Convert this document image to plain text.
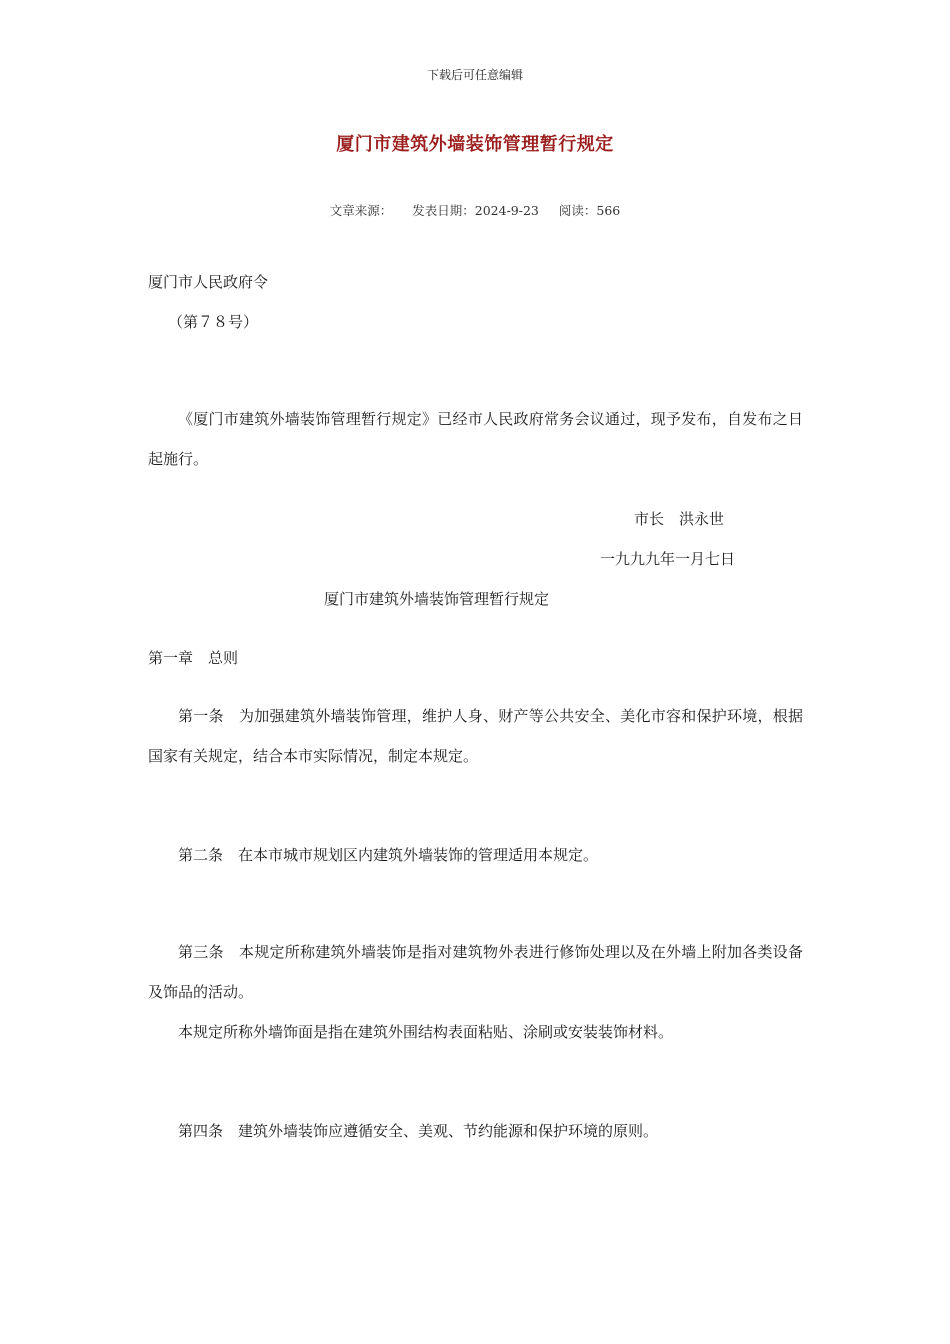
下载后可任意编辑
厦门市建筑外墙装饰管理暂行规定
文章来源： 发表日期：2024-9-23 阅读：566
厦门市人民政府令
（第７８号）
《厦门市建筑外墙装饰管理暂行规定》已经市人民政府常务会议通过，现予发布，自发布之日起施行。
市长　洪永世
一九九九年一月七日
厦门市建筑外墙装饰管理暂行规定
第一章　总则
第一条　为加强建筑外墙装饰管理，维护人身、财产等公共安全、美化市容和保护环境，根据国家有关规定，结合本市实际情况，制定本规定。
第二条　在本市城市规划区内建筑外墙装饰的管理适用本规定。
第三条　本规定所称建筑外墙装饰是指对建筑物外表进行修饰处理以及在外墙上附加各类设备及饰品的活动。
本规定所称外墙饰面是指在建筑外围结构表面粘贴、涂刷或安装装饰材料。
第四条　建筑外墙装饰应遵循安全、美观、节约能源和保护环境的原则。
